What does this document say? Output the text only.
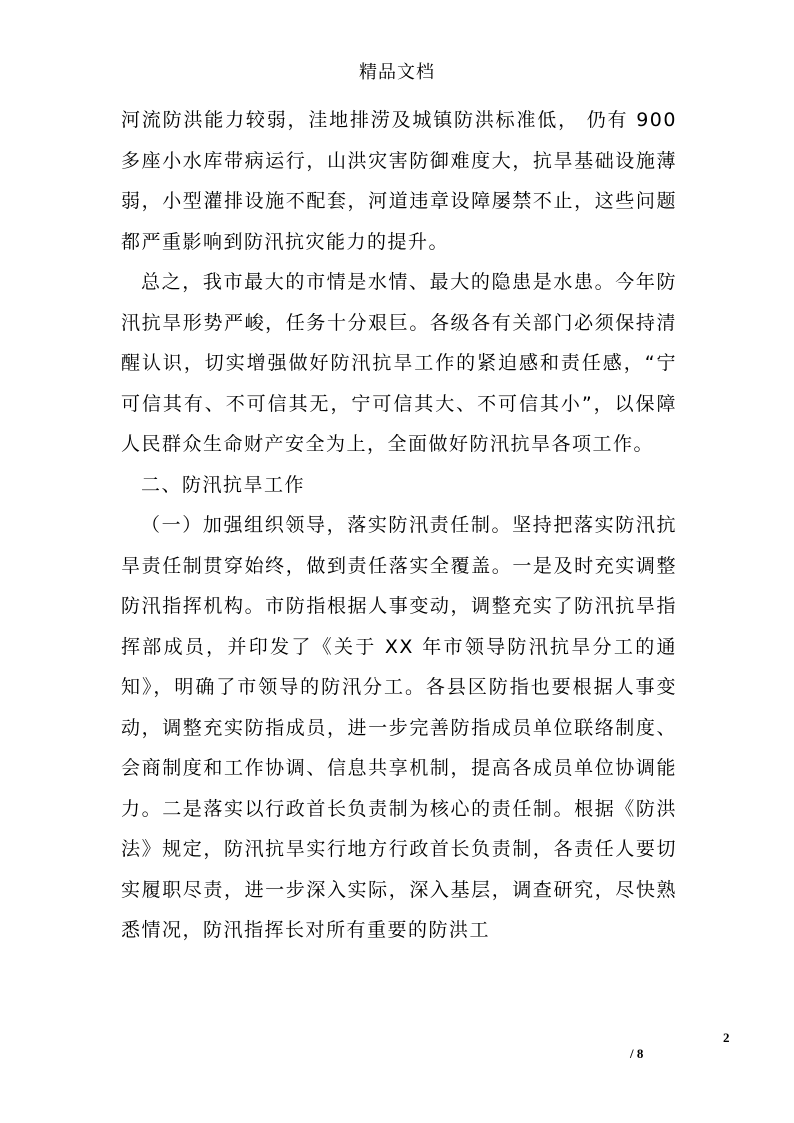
精品文档

河流防洪能力较弱，洼地排涝及城镇防洪标准低， 仍有 900 多座小水库带病运行，山洪灾害防御难度大，抗旱基础设施薄弱，小型灌排设施不配套，河道违章设障屡禁不止，这些问题都严重影响到防汛抗灾能力的提升。

总之，我市最大的市情是水情、最大的隐患是水患。今年防汛抗旱形势严峻，任务十分艰巨。各级各有关部门必须保持清醒认识，切实增强做好防汛抗旱工作的紧迫感和责任感，“宁可信其有、不可信其无，宁可信其大、不可信其小”，以保障人民群众生命财产安全为上，全面做好防汛抗旱各项工作。

二、防汛抗旱工作

（一）加强组织领导，落实防汛责任制。坚持把落实防汛抗旱责任制贯穿始终，做到责任落实全覆盖。一是及时充实调整防汛指挥机构。市防指根据人事变动，调整充实了防汛抗旱指挥部成员，并印发了《关于 XX 年市领导防汛抗旱分工的通知》，明确了市领导的防汛分工。各县区防指也要根据人事变动，调整充实防指成员，进一步完善防指成员单位联络制度、会商制度和工作协调、信息共享机制，提高各成员单位协调能力。二是落实以行政首长负责制为核心的责任制。根据《防洪法》规定，防汛抗旱实行地方行政首长负责制，各责任人要切实履职尽责，进一步深入实际，深入基层，调查研究，尽快熟悉情况，防汛指挥长对所有重要的防洪工

2
/ 8
